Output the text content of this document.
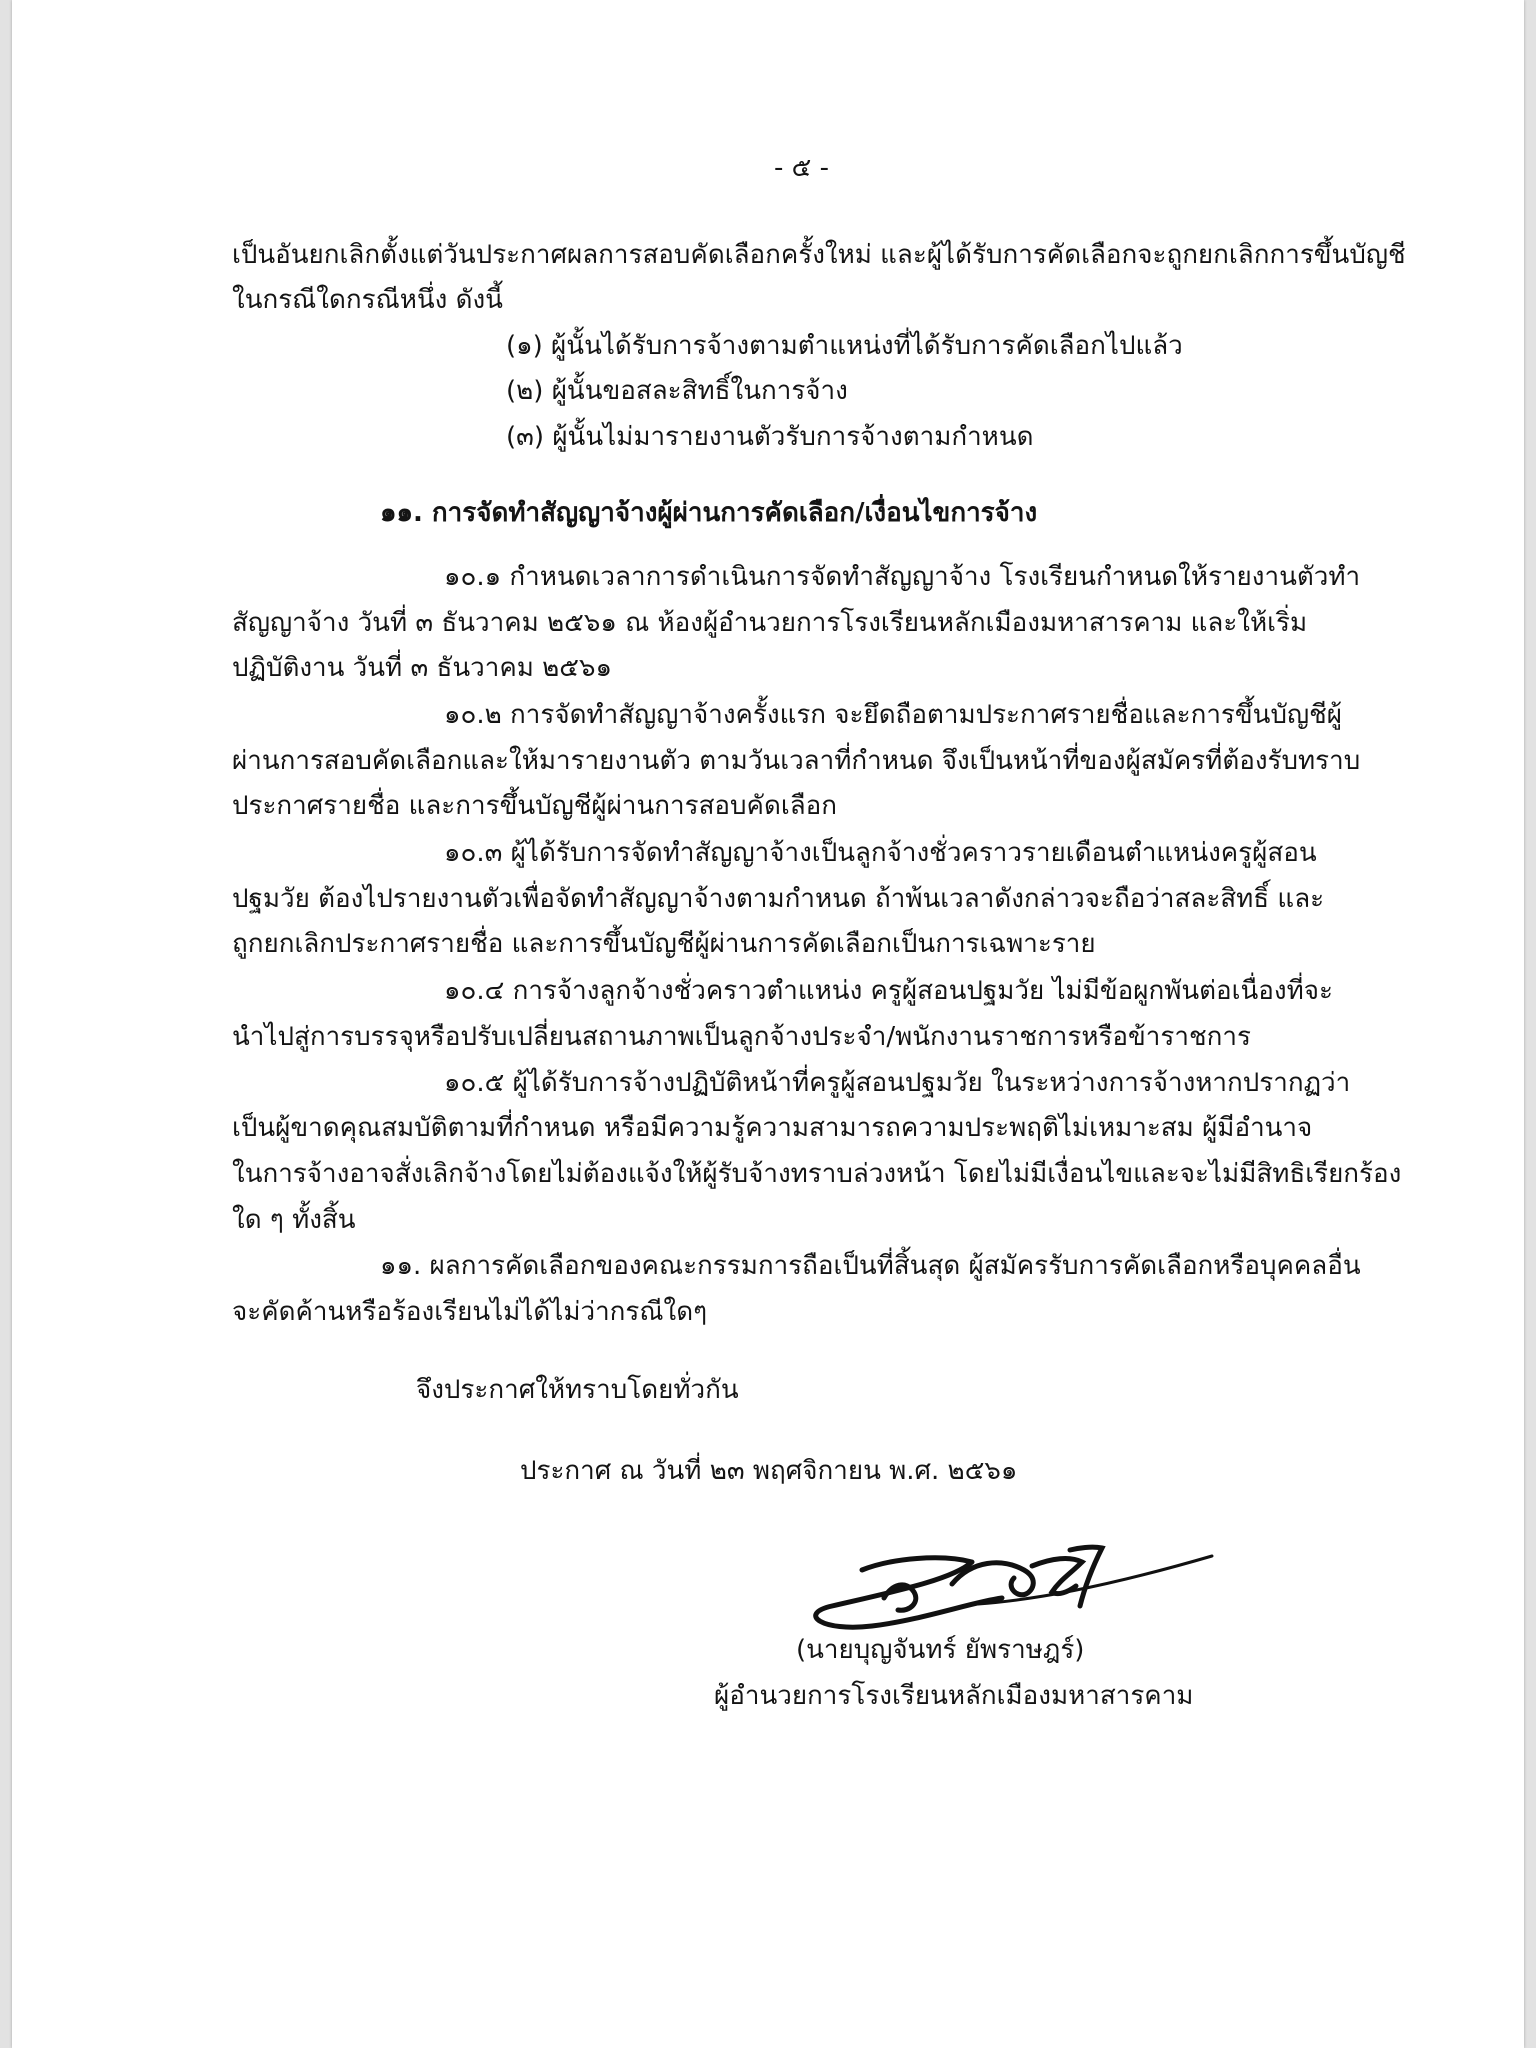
- ๕ -
เป็นอันยกเลิกตั้งแต่วันประกาศผลการสอบคัดเลือกครั้งใหม่ และผู้ได้รับการคัดเลือกจะถูกยกเลิกการขึ้นบัญชี
ในกรณีใดกรณีหนึ่ง ดังนี้
(๑) ผู้นั้นได้รับการจ้างตามตำแหน่งที่ได้รับการคัดเลือกไปแล้ว
(๒) ผู้นั้นขอสละสิทธิ์ในการจ้าง
(๓) ผู้นั้นไม่มารายงานตัวรับการจ้างตามกำหนด
๑๑. การจัดทำสัญญาจ้างผู้ผ่านการคัดเลือก/เงื่อนไขการจ้าง
๑๐.๑ กำหนดเวลาการดำเนินการจัดทำสัญญาจ้าง โรงเรียนกำหนดให้รายงานตัวทำ
สัญญาจ้าง วันที่ ๓ ธันวาคม ๒๕๖๑ ณ ห้องผู้อำนวยการโรงเรียนหลักเมืองมหาสารคาม และให้เริ่ม
ปฏิบัติงาน วันที่ ๓ ธันวาคม ๒๕๖๑
๑๐.๒ การจัดทำสัญญาจ้างครั้งแรก จะยึดถือตามประกาศรายชื่อและการขึ้นบัญชีผู้
ผ่านการสอบคัดเลือกและให้มารายงานตัว ตามวันเวลาที่กำหนด จึงเป็นหน้าที่ของผู้สมัครที่ต้องรับทราบ
ประกาศรายชื่อ และการขึ้นบัญชีผู้ผ่านการสอบคัดเลือก
๑๐.๓ ผู้ได้รับการจัดทำสัญญาจ้างเป็นลูกจ้างชั่วคราวรายเดือนตำแหน่งครูผู้สอน
ปฐมวัย ต้องไปรายงานตัวเพื่อจัดทำสัญญาจ้างตามกำหนด ถ้าพ้นเวลาดังกล่าวจะถือว่าสละสิทธิ์ และ
ถูกยกเลิกประกาศรายชื่อ และการขึ้นบัญชีผู้ผ่านการคัดเลือกเป็นการเฉพาะราย
๑๐.๔ การจ้างลูกจ้างชั่วคราวตำแหน่ง ครูผู้สอนปฐมวัย ไม่มีข้อผูกพันต่อเนื่องที่จะ
นำไปสู่การบรรจุหรือปรับเปลี่ยนสถานภาพเป็นลูกจ้างประจำ/พนักงานราชการหรือข้าราชการ
๑๐.๕ ผู้ได้รับการจ้างปฏิบัติหน้าที่ครูผู้สอนปฐมวัย ในระหว่างการจ้างหากปรากฏว่า
เป็นผู้ขาดคุณสมบัติตามที่กำหนด หรือมีความรู้ความสามารถความประพฤติไม่เหมาะสม ผู้มีอำนาจ
ในการจ้างอาจสั่งเลิกจ้างโดยไม่ต้องแจ้งให้ผู้รับจ้างทราบล่วงหน้า โดยไม่มีเงื่อนไขและจะไม่มีสิทธิเรียกร้อง
ใด ๆ ทั้งสิ้น
๑๑. ผลการคัดเลือกของคณะกรรมการถือเป็นที่สิ้นสุด ผู้สมัครรับการคัดเลือกหรือบุคคลอื่น
จะคัดค้านหรือร้องเรียนไม่ได้ไม่ว่ากรณีใดๆ
จึงประกาศให้ทราบโดยทั่วกัน
ประกาศ ณ วันที่ ๒๓ พฤศจิกายน พ.ศ. ๒๕๖๑
(นายบุญจันทร์ ยัพราษฎร์)
ผู้อำนวยการโรงเรียนหลักเมืองมหาสารคาม
